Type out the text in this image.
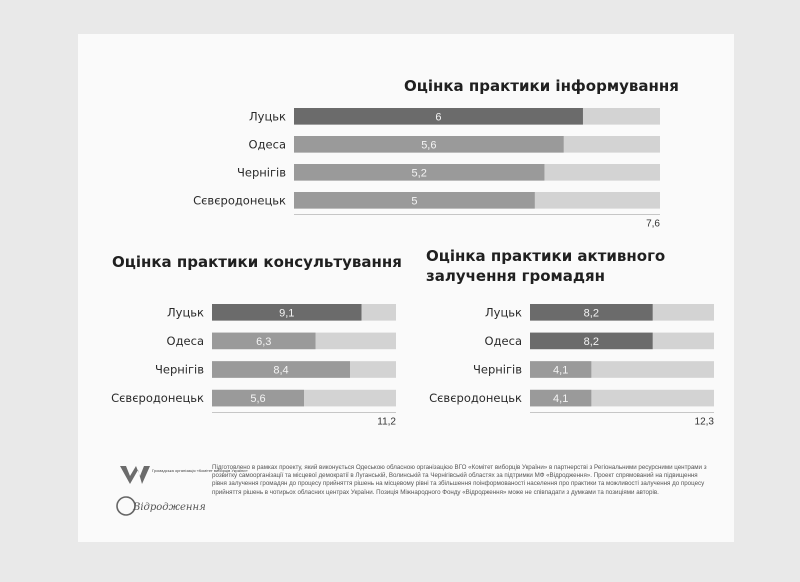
Оцінка практики інформування
6
Луцьк
5,6
Одеса
5,2
Чернігів
5
Сєвєродонецьк
7,6
Оцінка практики консультування
9,1
Луцьк
6,3
Одеса
8,4
Чернігів
5,6
Сєвєродонецьк
11,2
Оцінка практики активного
залучення громадян
8,2
Луцьк
8,2
Одеса
4,1
Чернігів
4,1
Сєвєродонецьк
12,3
Громадська організація «Комітет виборців України»
Відродження

Підготовлено в рамках проекту, який виконується Одеською обласною організацією ВГО «Комітет виборців України» в партнерстві з Регіональними ресурсними центрами з розвитку самоорганізації та місцевої демократії в Луганській, Волинській та Чернігівській областях за підтримки МФ «Відродження». Проект спрямований на підвищення рівня залучення громадян до процесу прийняття рішень на місцевому рівні та збільшення поінформованості населення про практики та можливості залучення до процесу прийняття рішень в чотирьох обласних центрах України. Позиція Міжнародного Фонду «Відродження» може не співпадати з думками та позиціями авторів.
